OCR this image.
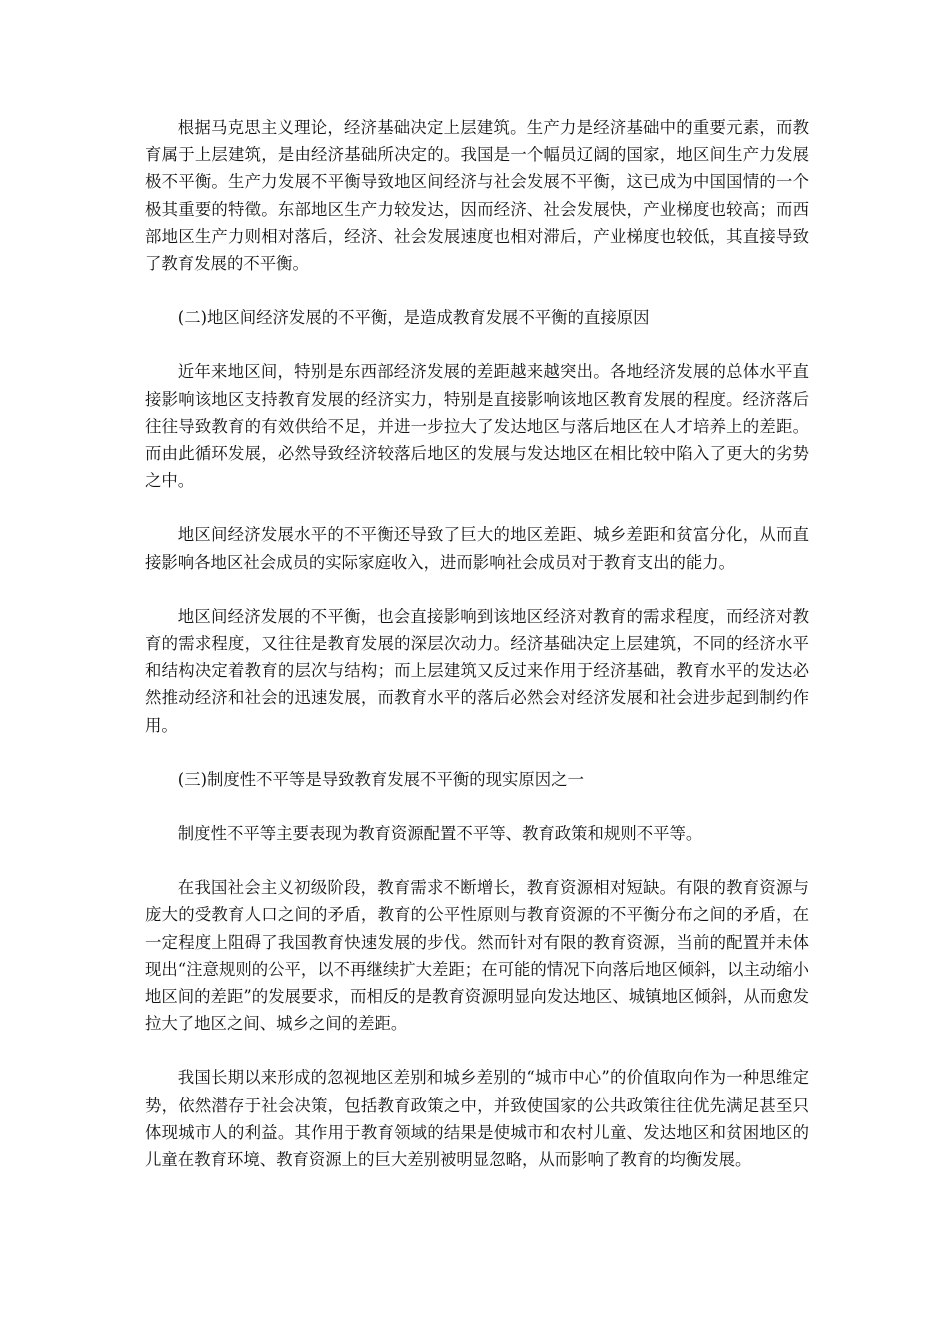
根据马克思主义理论，经济基础决定上层建筑。生产力是经济基础中的重要元素，而教育属于上层建筑，是由经济基础所决定的。我国是一个幅员辽阔的国家，地区间生产力发展极不平衡。生产力发展不平衡导致地区间经济与社会发展不平衡，这已成为中国国情的一个极其重要的特徵。东部地区生产力较发达，因而经济、社会发展快，产业梯度也较高；而西部地区生产力则相对落后，经济、社会发展速度也相对滞后，产业梯度也较低，其直接导致了教育发展的不平衡。

(二)地区间经济发展的不平衡，是造成教育发展不平衡的直接原因

近年来地区间，特别是东西部经济发展的差距越来越突出。各地经济发展的总体水平直接影响该地区支持教育发展的经济实力，特别是直接影响该地区教育发展的程度。经济落后往往导致教育的有效供给不足，并进一步拉大了发达地区与落后地区在人才培养上的差距。而由此循环发展，必然导致经济较落后地区的发展与发达地区在相比较中陷入了更大的劣势之中。

地区间经济发展水平的不平衡还导致了巨大的地区差距、城乡差距和贫富分化，从而直接影响各地区社会成员的实际家庭收入，进而影响社会成员对于教育支出的能力。

地区间经济发展的不平衡，也会直接影响到该地区经济对教育的需求程度，而经济对教育的需求程度，又往往是教育发展的深层次动力。经济基础决定上层建筑，不同的经济水平和结构决定着教育的层次与结构；而上层建筑又反过来作用于经济基础，教育水平的发达必然推动经济和社会的迅速发展，而教育水平的落后必然会对经济发展和社会进步起到制约作用。

(三)制度性不平等是导致教育发展不平衡的现实原因之一

制度性不平等主要表现为教育资源配置不平等、教育政策和规则不平等。

在我国社会主义初级阶段，教育需求不断增长，教育资源相对短缺。有限的教育资源与庞大的受教育人口之间的矛盾，教育的公平性原则与教育资源的不平衡分布之间的矛盾，在一定程度上阻碍了我国教育快速发展的步伐。然而针对有限的教育资源，当前的配置并未体现出“注意规则的公平，以不再继续扩大差距；在可能的情况下向落后地区倾斜，以主动缩小地区间的差距”的发展要求，而相反的是教育资源明显向发达地区、城镇地区倾斜，从而愈发拉大了地区之间、城乡之间的差距。

我国长期以来形成的忽视地区差别和城乡差别的“城市中心”的价值取向作为一种思维定势，依然潜存于社会决策，包括教育政策之中，并致使国家的公共政策往往优先满足甚至只体现城市人的利益。其作用于教育领域的结果是使城市和农村儿童、发达地区和贫困地区的儿童在教育环境、教育资源上的巨大差别被明显忽略，从而影响了教育的均衡发展。
